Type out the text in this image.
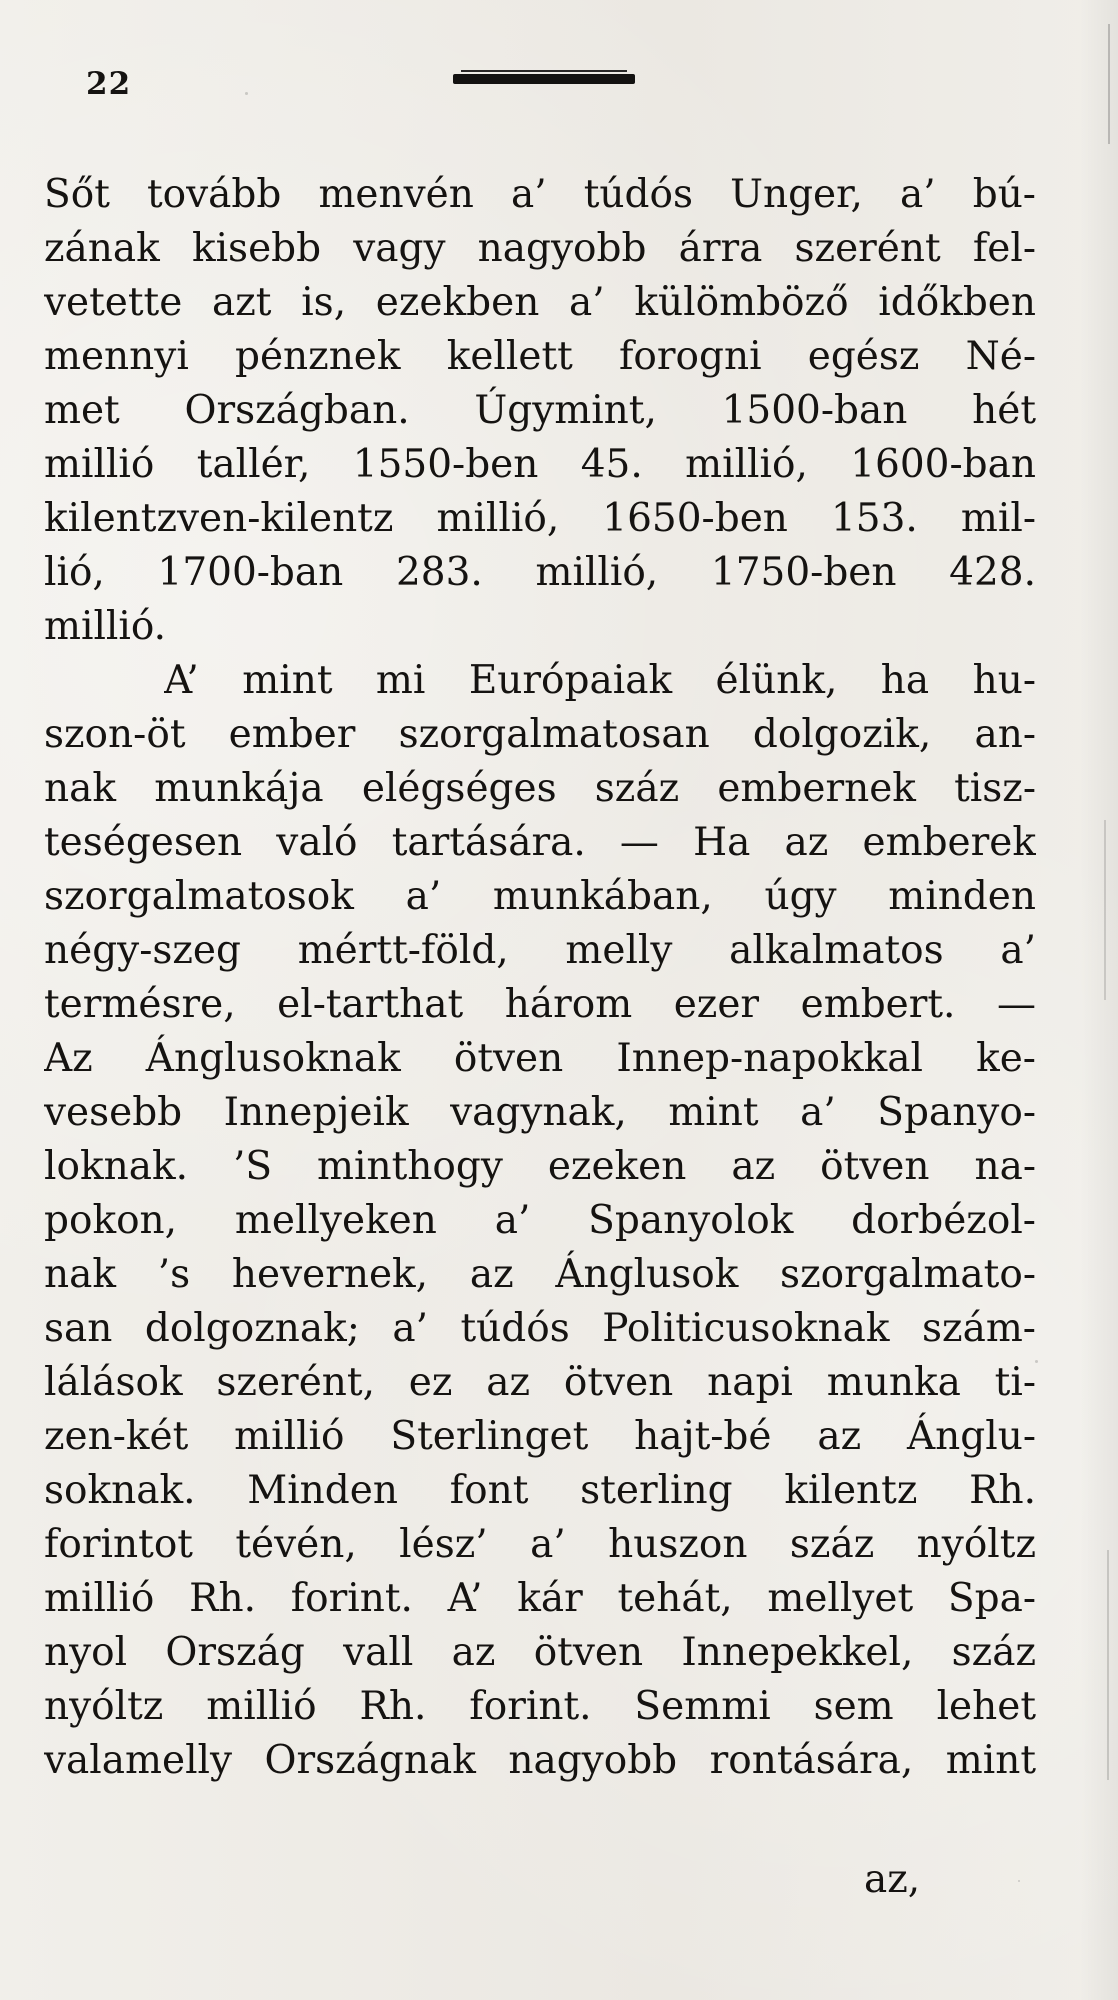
22
Sőt tovább menvén a’ túdós Unger, a’ bú-
zának kisebb vagy nagyobb árra szerént fel-
vetette azt is, ezekben a’ külömböző időkben
mennyi pénznek kellett forogni egész Né-
met Országban. Úgymint, 1500-ban hét
millió tallér, 1550-ben 45. millió, 1600-ban
kilentzven-kilentz millió, 1650-ben 153. mil-
lió, 1700-ban 283. millió, 1750-ben 428.
millió.
A’ mint mi Európaiak élünk, ha hu-
szon-öt ember szorgalmatosan dolgozik, an-
nak munkája elégséges száz embernek tisz-
teségesen való tartására. — Ha az emberek
szorgalmatosok a’ munkában, úgy minden
négy-szeg mértt-föld, melly alkalmatos a’
termésre, el-tarthat három ezer embert. —
Az Ánglusoknak ötven Innep-napokkal ke-
vesebb Innepjeik vagynak, mint a’ Spanyo-
loknak. ’S minthogy ezeken az ötven na-
pokon, mellyeken a’ Spanyolok dorbézol-
nak ’s hevernek, az Ánglusok szorgalmato-
san dolgoznak; a’ túdós Politicusoknak szám-
lálások szerént, ez az ötven napi munka ti-
zen-két millió Sterlinget hajt-bé az Ánglu-
soknak. Minden font sterling kilentz Rh.
forintot tévén, lész’ a’ huszon száz nyóltz
millió Rh. forint. A’ kár tehát, mellyet Spa-
nyol Ország vall az ötven Innepekkel, száz
nyóltz millió Rh. forint. Semmi sem lehet
valamelly Országnak nagyobb rontására, mint
az,
